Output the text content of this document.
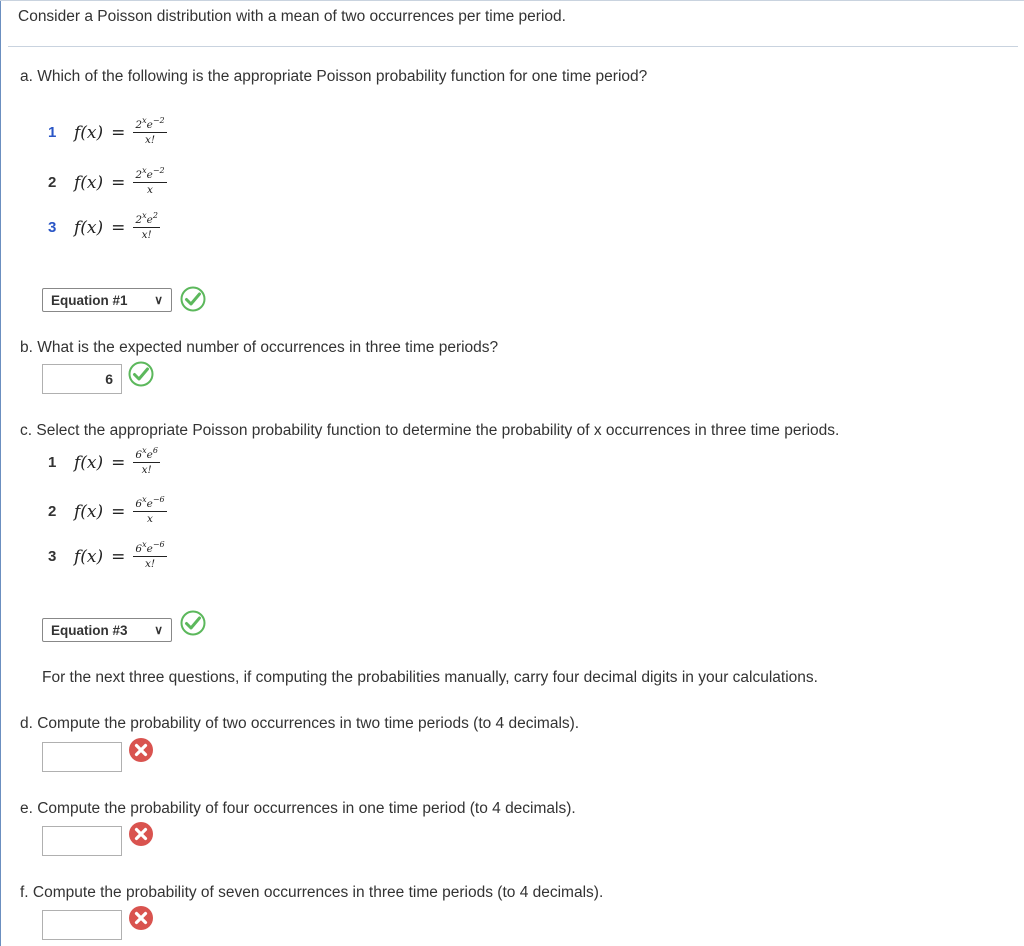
Consider a Poisson distribution with a mean of two occurrences per time period.
a. Which of the following is the appropriate Poisson probability function for one time period?
1	$f(x) = \frac{2^xe^{-2}}{x!}$
2	$f(x) = \frac{2^xe^{-2}}{x}$
3	$f(x) = \frac{2^xe^2}{x!}$
Equation #1 ∨
b. What is the expected number of occurrences in three time periods?
6
c. Select the appropriate Poisson probability function to determine the probability of x occurrences in three time periods.
1	$f(x) = \frac{6^xe^6}{x!}$
2	$f(x) = \frac{6^xe^{-6}}{x}$
3	$f(x) = \frac{6^xe^{-6}}{x!}$
Equation #3 ∨
For the next three questions, if computing the probabilities manually, carry four decimal digits in your calculations.
d. Compute the probability of two occurrences in two time periods (to 4 decimals).
e. Compute the probability of four occurrences in one time period (to 4 decimals).
f. Compute the probability of seven occurrences in three time periods (to 4 decimals).
